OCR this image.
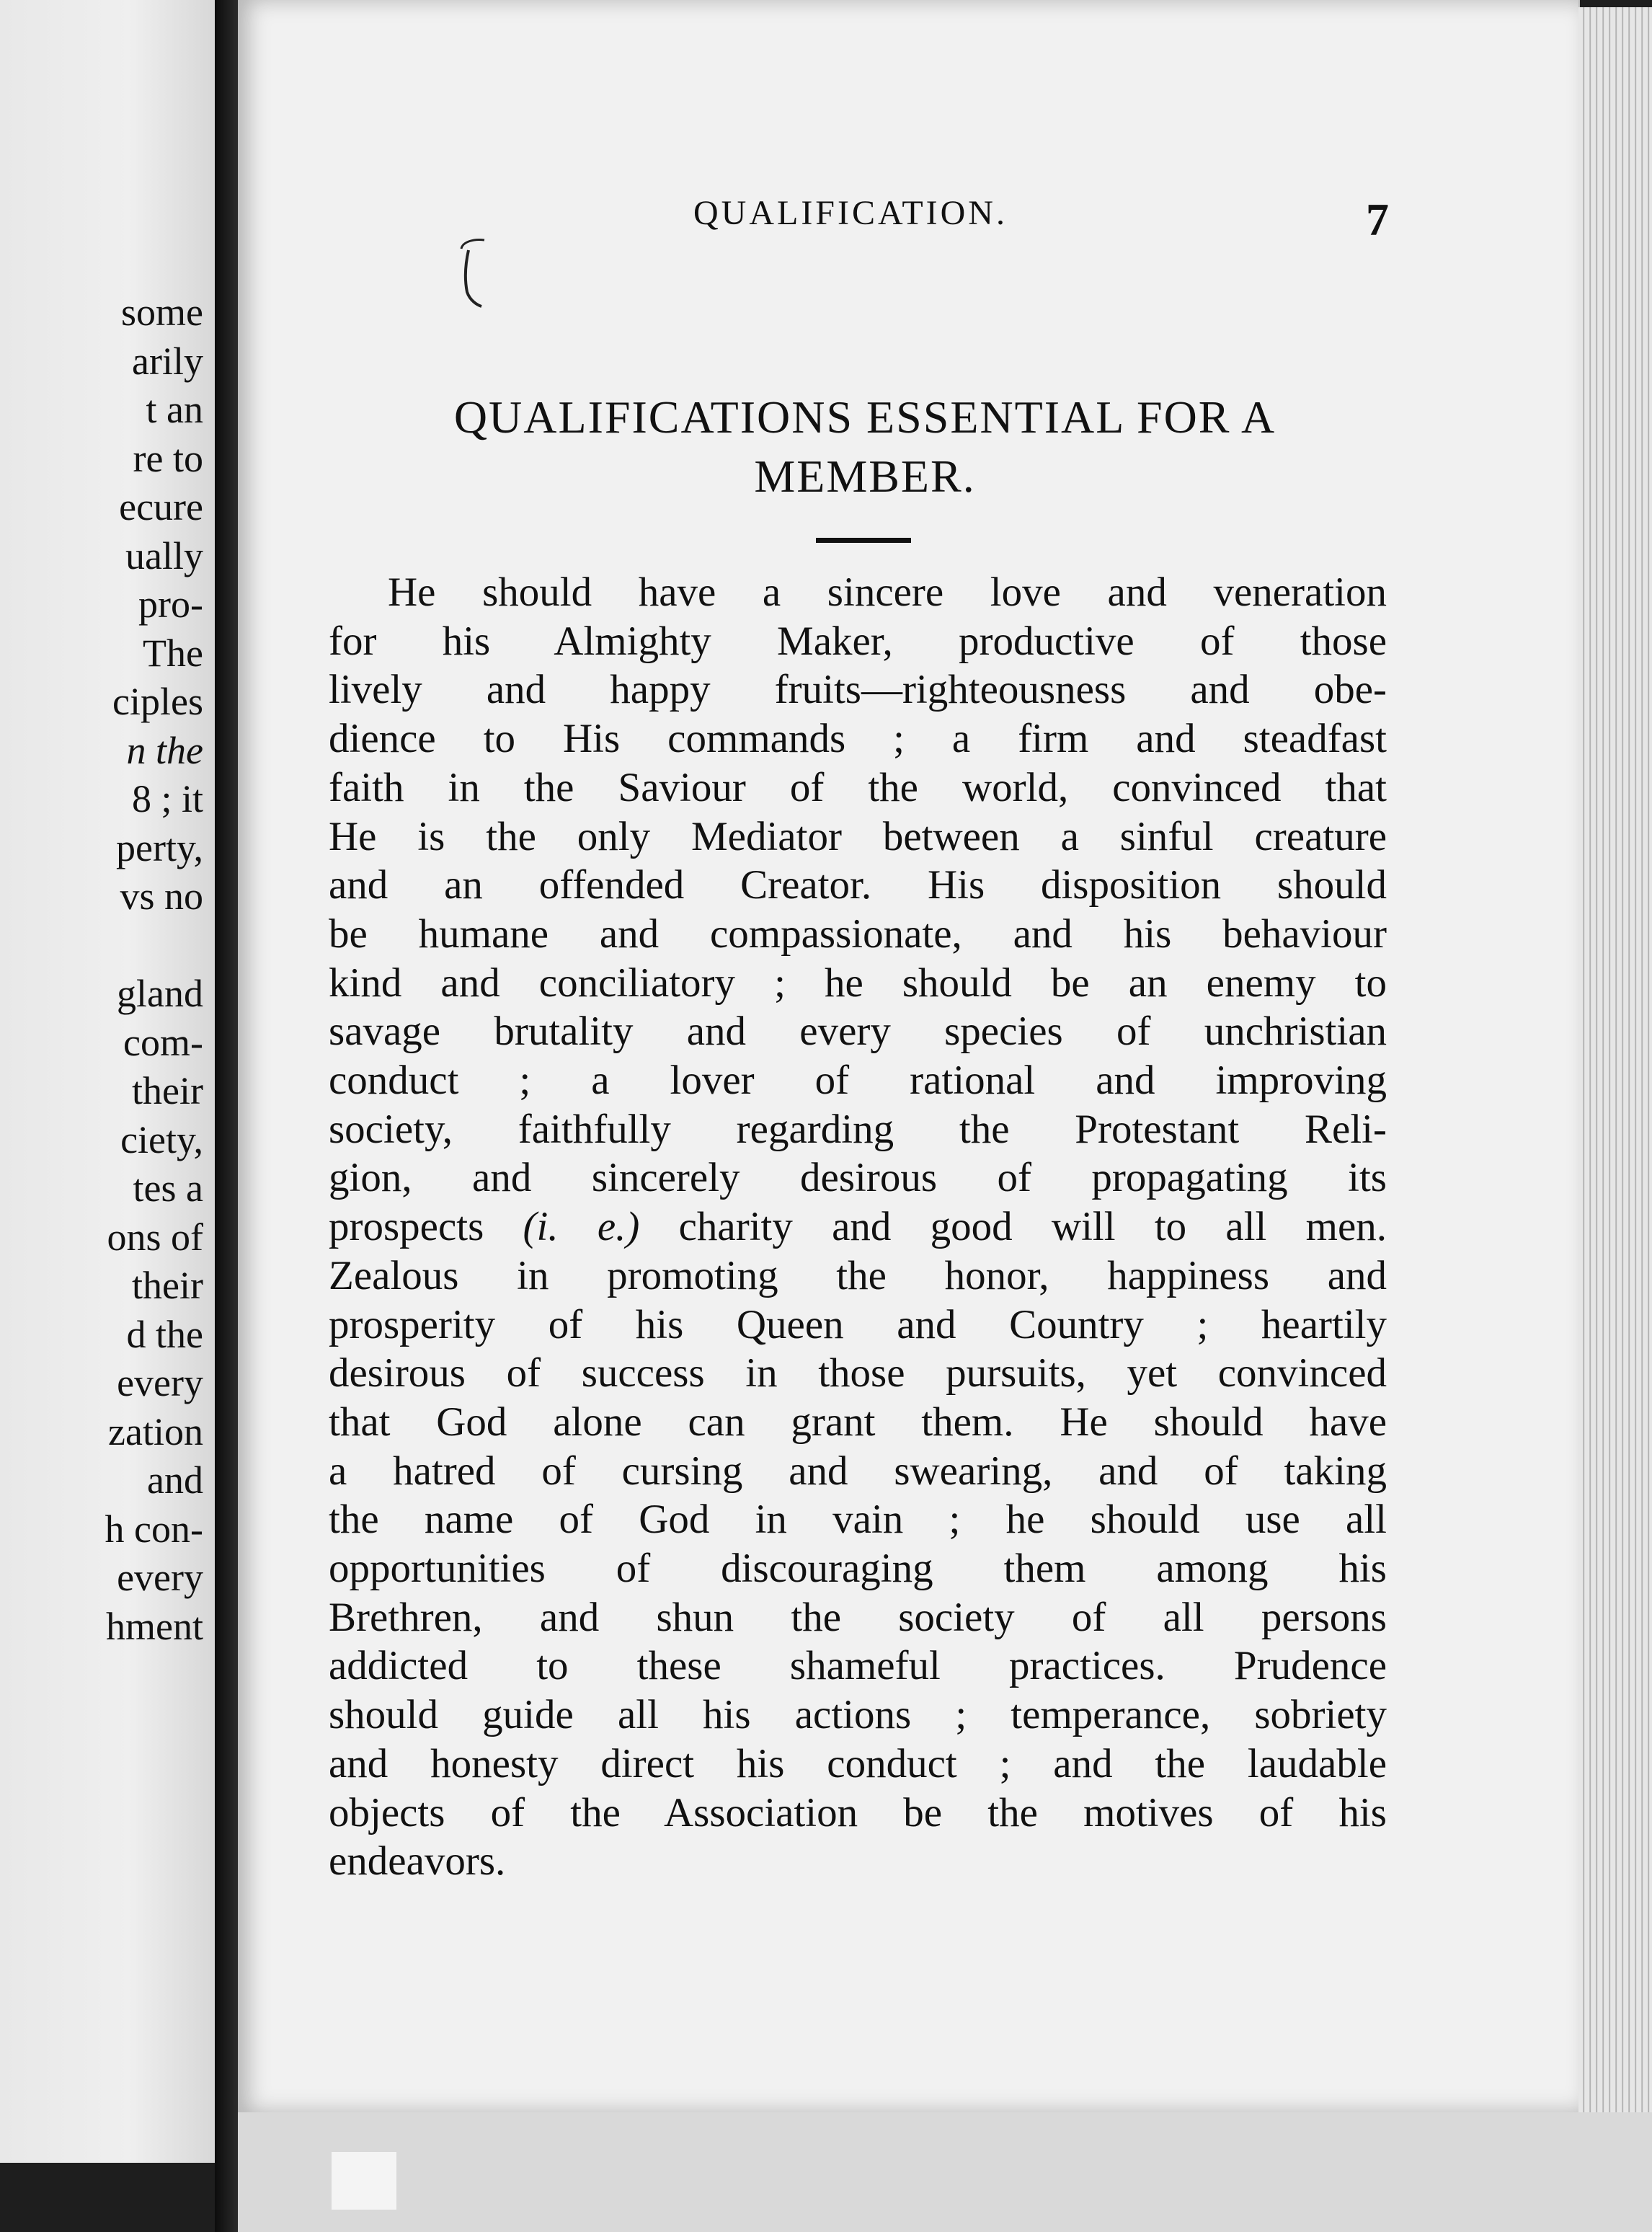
some
arily
t an
re to
ecure
ually
pro-
The
ciples
n the
8 ; it
perty,
vs no

gland
com-
their
ciety,
tes a
ons of
their
d the
every
zation
and
h con-
every
hment
QUALIFICATION.	7
QUALIFICATIONS ESSENTIAL FOR A
MEMBER.
He should have a sincere love and veneration
for his Almighty Maker, productive of those
lively and happy fruits—righteousness and obe-
dience to His commands ; a firm and steadfast
faith in the Saviour of the world, convinced that
He is the only Mediator between a sinful creature
and an offended Creator. His disposition should
be humane and compassionate, and his behaviour
kind and conciliatory ; he should be an enemy to
savage brutality and every species of unchristian
conduct ; a lover of rational and improving
society, faithfully regarding the Protestant Reli-
gion, and sincerely desirous of propagating its
prospects (i. e.) charity and good will to all men.
Zealous in promoting the honor, happiness and
prosperity of his Queen and Country ; heartily
desirous of success in those pursuits, yet convinced
that God alone can grant them. He should have
a hatred of cursing and swearing, and of taking
the name of God in vain ; he should use all
opportunities of discouraging them among his
Brethren, and shun the society of all persons
addicted to these shameful practices. Prudence
should guide all his actions ; temperance, sobriety
and honesty direct his conduct ; and the laudable
objects of the Association be the motives of his
endeavors.
